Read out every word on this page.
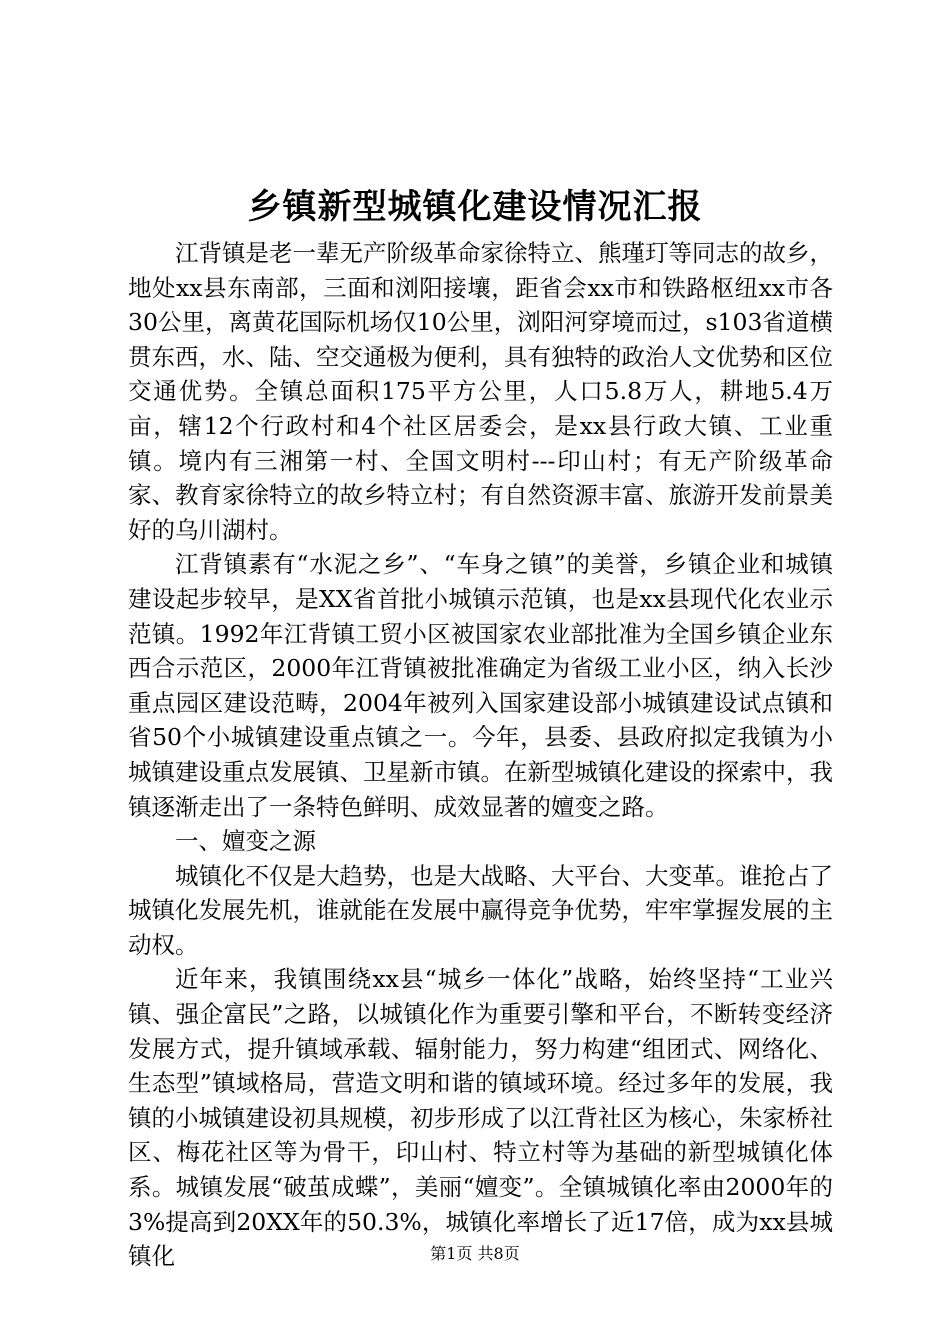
乡镇新型城镇化建设情况汇报

江背镇是老一辈无产阶级革命家徐特立、熊瑾玎等同志的故乡，地处xx县东南部，三面和浏阳接壤，距省会xx市和铁路枢纽xx市各30公里，离黄花国际机场仅10公里，浏阳河穿境而过，s103省道横贯东西，水、陆、空交通极为便利，具有独特的政治人文优势和区位交通优势。全镇总面积175平方公里，人口5.8万人，耕地5.4万亩，辖12个行政村和4个社区居委会，是xx县行政大镇、工业重镇。境内有三湘第一村、全国文明村---印山村；有无产阶级革命家、教育家徐特立的故乡特立村；有自然资源丰富、旅游开发前景美好的乌川湖村。

江背镇素有“水泥之乡”、“车身之镇”的美誉，乡镇企业和城镇建设起步较早，是XX省首批小城镇示范镇，也是xx县现代化农业示范镇。1992年江背镇工贸小区被国家农业部批准为全国乡镇企业东西合示范区，2000年江背镇被批准确定为省级工业小区，纳入长沙重点园区建设范畴，2004年被列入国家建设部小城镇建设试点镇和省50个小城镇建设重点镇之一。今年，县委、县政府拟定我镇为小城镇建设重点发展镇、卫星新市镇。在新型城镇化建设的探索中，我镇逐渐走出了一条特色鲜明、成效显著的嬗变之路。

一、嬗变之源

城镇化不仅是大趋势，也是大战略、大平台、大变革。谁抢占了城镇化发展先机，谁就能在发展中赢得竞争优势，牢牢掌握发展的主动权。

近年来，我镇围绕xx县“城乡一体化”战略，始终坚持“工业兴镇、强企富民”之路，以城镇化作为重要引擎和平台，不断转变经济发展方式，提升镇域承载、辐射能力，努力构建“组团式、网络化、生态型”镇域格局，营造文明和谐的镇域环境。经过多年的发展，我镇的小城镇建设初具规模，初步形成了以江背社区为核心，朱家桥社区、梅花社区等为骨干，印山村、特立村等为基础的新型城镇化体系。城镇发展“破茧成蝶”，美丽“嬗变”。全镇城镇化率由2000年的3%提高到20XX年的50.3%，城镇化率增长了近17倍，成为xx县城镇化	第1页 共8页
